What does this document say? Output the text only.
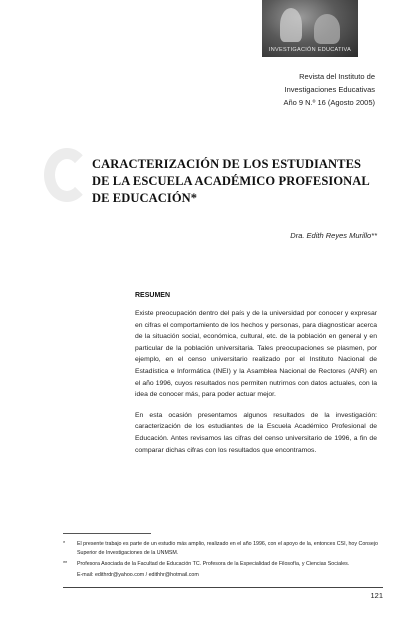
INVESTIGACIÓN EDUCATIVA
Revista del Instituto de
Investigaciones Educativas
Año 9 N.º 16 (Agosto 2005)
CARACTERIZACIÓN DE LOS ESTUDIANTES
DE LA ESCUELA ACADÉMICO PROFESIONAL
DE EDUCACIÓN*
Dra. Edith Reyes Murillo**
RESUMEN

Existe preocupación dentro del país y de la universidad por conocer y expresar en cifras el comportamiento de los hechos y personas, para diagnosticar acerca de la situación social, económica, cultural, etc. de la población en general y en particular de la población universitaria. Tales preocupaciones se plasmen, por ejemplo, en el censo universitario realizado por el Instituto Nacional de Estadística e Informática (INEI) y la Asamblea Nacional de Rectores (ANR) en el año 1996, cuyos resultados nos permiten nutrirnos con datos actuales, con la idea de conocer más, para poder actuar mejor.

En esta ocasión presentamos algunos resultados de la investigación: caracterización de los estudiantes de la Escuela Académico Profesional de Educación. Antes revisamos las cifras del censo universitario de 1996, a fin de comparar dichas cifras con los resultados que encontramos.

*	El presente trabajo es parte de un estudio más amplio, realizado en el año 1996, con el apoyo de la, entonces CSI, hoy Consejo Superior de Investigaciones de la UNMSM.
**	Profesora Asociada de la Facultad de Educación TC. Profesora de la Especialidad de Filosofía, y Ciencias Sociales.
E-mail: edithrdr@yahoo.com / edithhr@hotmail.com
121
